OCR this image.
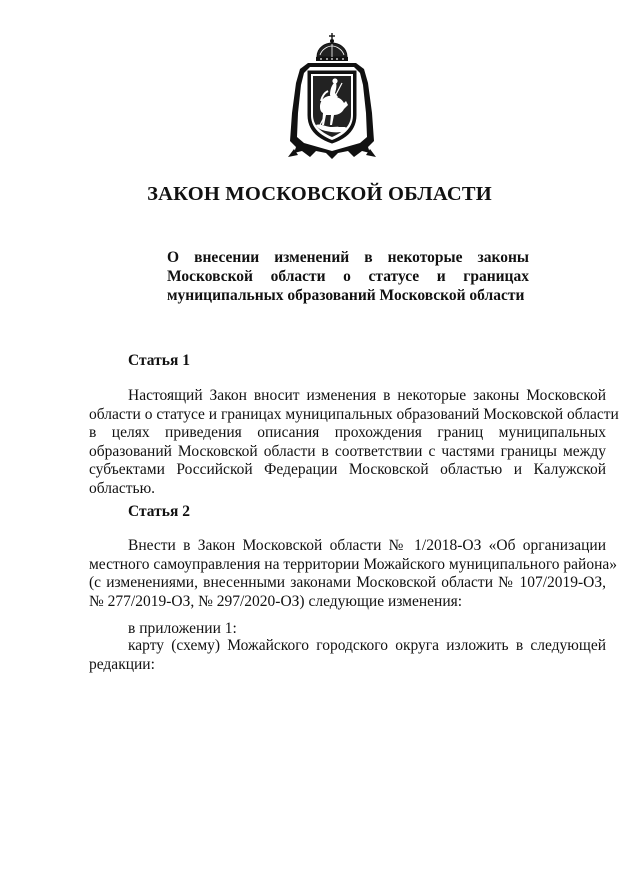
ЗАКОН МОСКОВСКОЙ ОБЛАСТИ
О внесении изменений в некоторые законы
Московской области о статусе и границах
муниципальных образований Московской области
Статья 1
Настоящий Закон вносит изменения в некоторые законы Московской
области о статусе и границах муниципальных образований Московской области
в целях приведения описания прохождения границ муниципальных
образований Московской области в соответствии с частями границы между
субъектами Российской Федерации Московской областью и Калужской
областью.
Статья 2
Внести в Закон Московской области № 1/2018-ОЗ «Об организации
местного самоуправления на территории Можайского муниципального района»
(с изменениями, внесенными законами Московской области № 107/2019-ОЗ,
№ 277/2019-ОЗ, № 297/2020-ОЗ) следующие изменения:

в приложении 1:

карту (схему) Можайского городского округа изложить в следующей
редакции:
